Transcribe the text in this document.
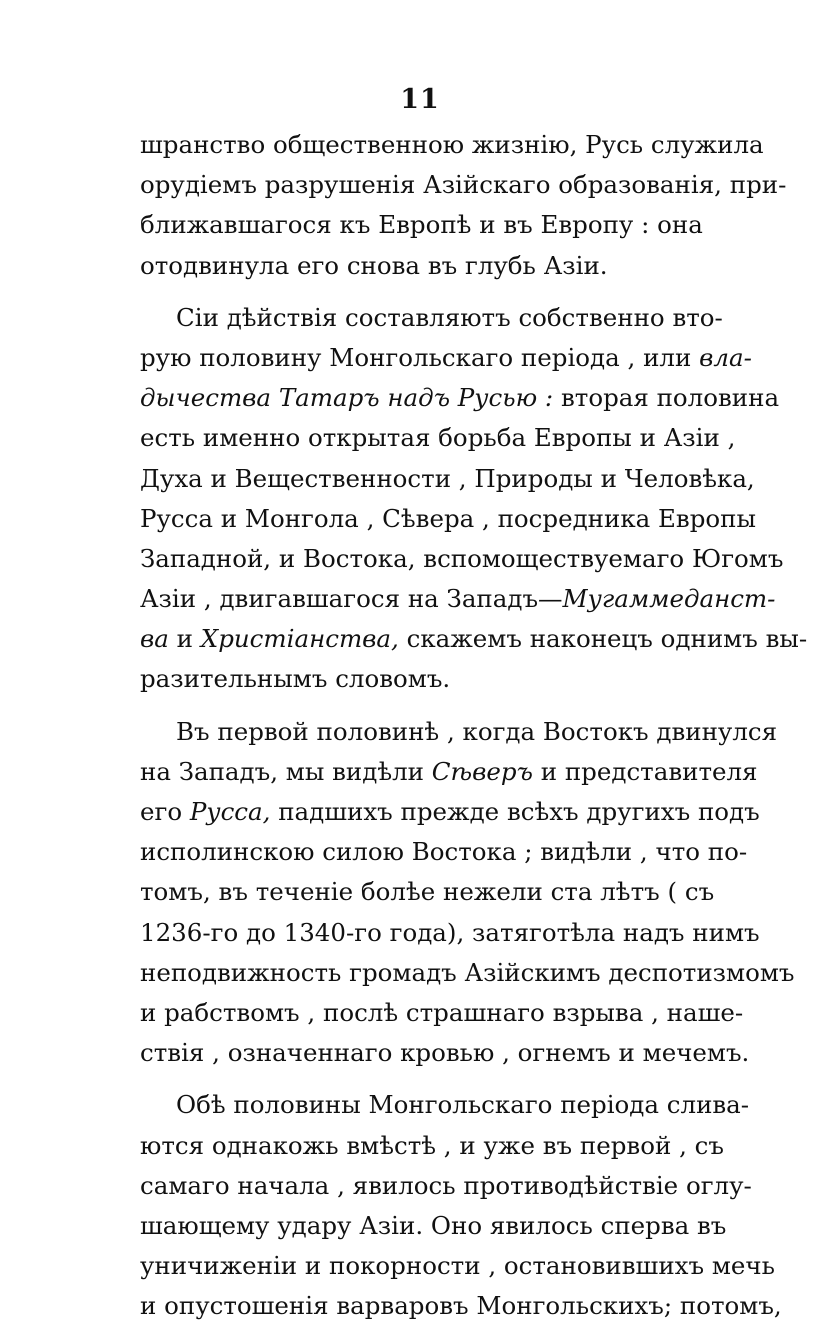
11
шранство общественною жизнію, Русь служила
орудіемъ разрушенія Азійскаго образованія, при-
ближавшагося къ Европѣ и въ Европу : она
отодвинула его снова въ глубь Азіи.
Сіи дѣйствія составляютъ собственно вто-
рую половину Монгольскаго періода , или вла-
дычества Татаръ надъ Русью : вторая половина
есть именно открытая борьба Европы и Азіи ,
Духа и Вещественности , Природы и Человѣка,
Русса и Монгола , Сѣвера , посредника Европы
Западной, и Востока, вспомоществуемаго Югомъ
Азіи , двигавшагося на Западъ—Мугаммеданст-
ва и Христіанства, скажемъ наконецъ однимъ вы-
разительнымъ словомъ.
Въ первой половинѣ , когда Востокъ двинулся
на Западъ, мы видѣли Сѣверъ и представителя
его Русса, падшихъ прежде всѣхъ другихъ подъ
исполинскою силою Востока ; видѣли , что по-
томъ, въ теченіе болѣе нежели ста лѣтъ ( съ
1236-го до 1340-го года), затяготѣла надъ нимъ
неподвижность громадъ Азійскимъ деспотизмомъ
и рабствомъ , послѣ страшнаго взрыва , наше-
ствія , означеннаго кровью , огнемъ и мечемъ.
Обѣ половины Монгольскаго періода слива-
ются однакожь вмѣстѣ , и уже въ первой , съ
самаго начала , явилось противодѣйствіе оглу-
шающему удару Азіи. Оно явилось сперва въ
уничиженіи и покорности , остановившихъ мечь
и опустошенія варваровъ Монгольскихъ; потомъ,
